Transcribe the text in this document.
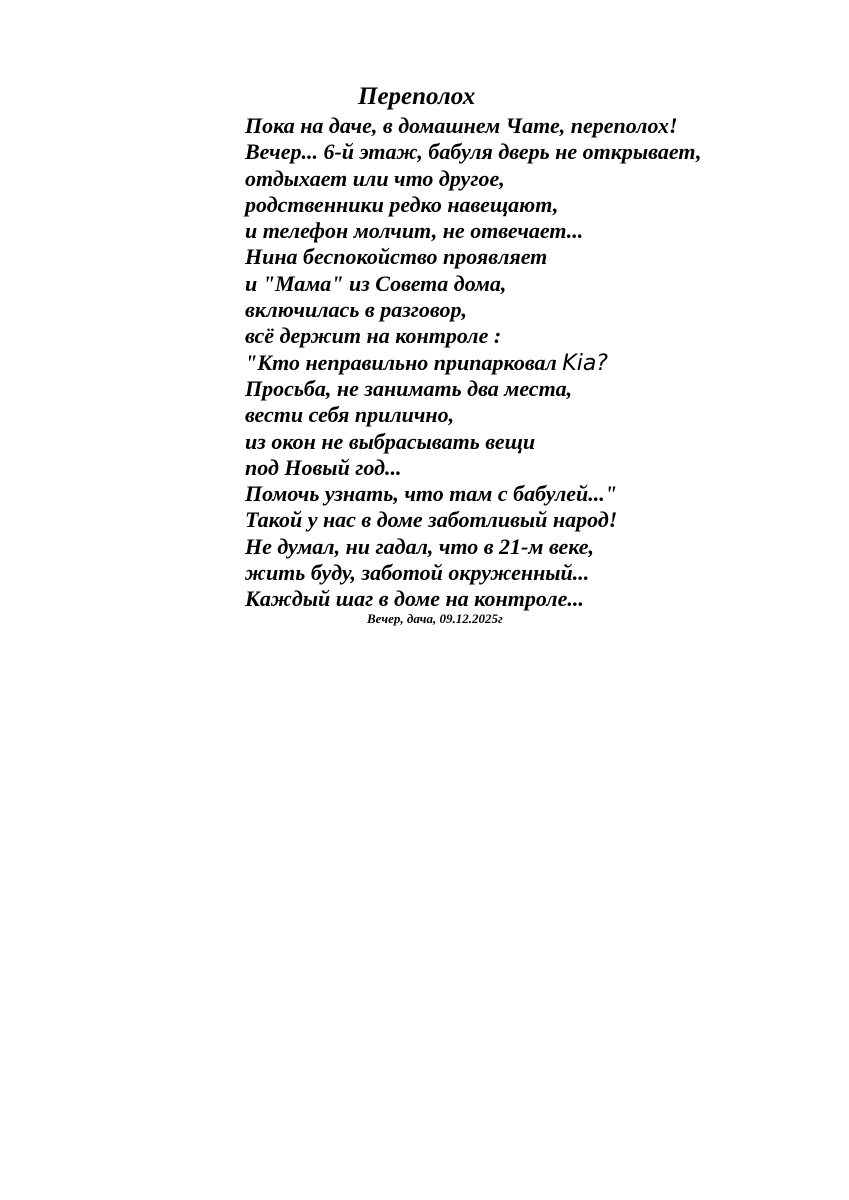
Переполох
Пока на даче, в домашнем Чате, переполох!
Вечер... 6-й этаж, бабуля дверь не открывает,
отдыхает или что другое,
родственники редко навещают,
и телефон молчит, не отвечает...
Нина беспокойство проявляет
и "Мама" из Совета дома,
включилась в разговор,
всё держит на контроле :
"Кто неправильно припарковал Kia?
Просьба, не занимать два места,
вести себя прилично,
из окон не выбрасывать вещи
под Новый год...
Помочь узнать, что там с бабулей..."
Такой у нас в доме заботливый народ!
Не думал, ни гадал, что в 21-м веке,
жить буду, заботой окруженный...
Каждый шаг в доме на контроле...

Вечер, дача, 09.12.2025г
